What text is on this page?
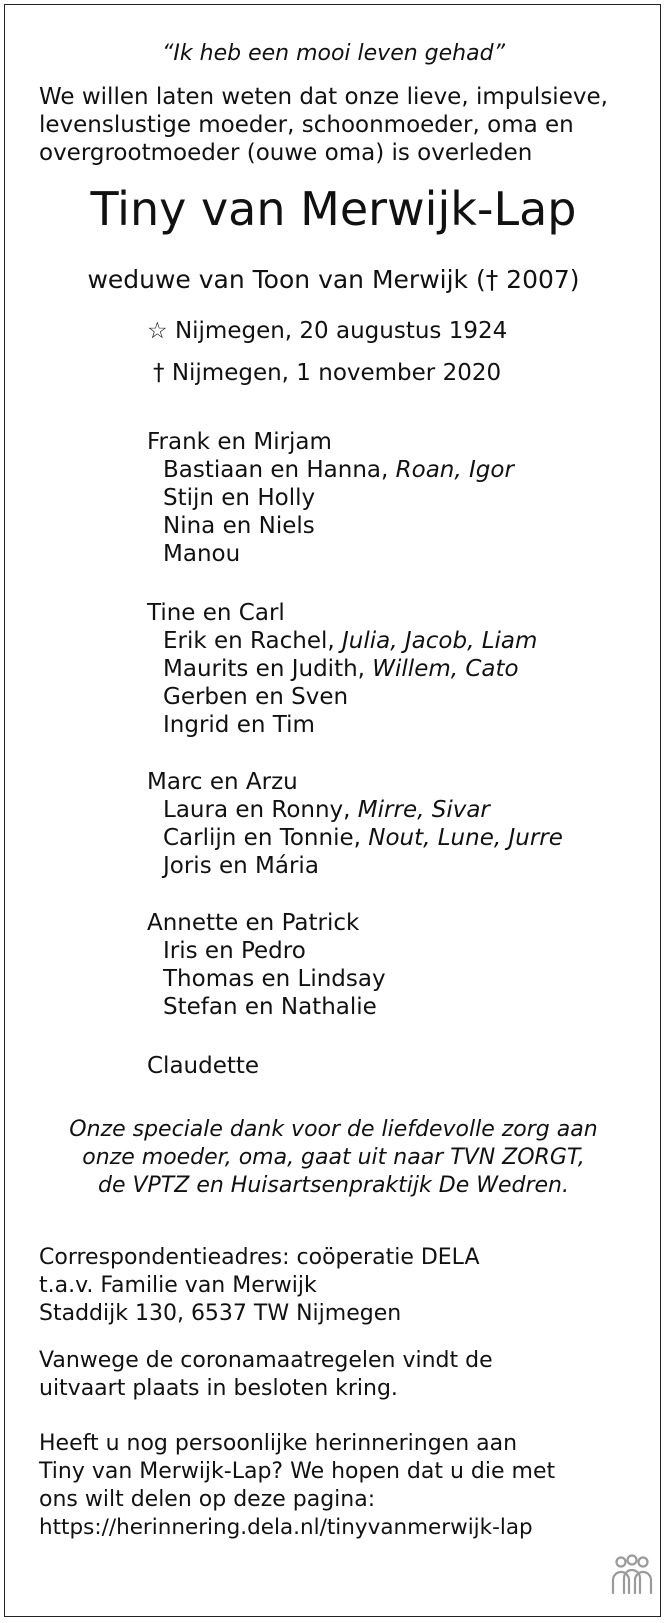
“Ik heb een mooi leven gehad”
We willen laten weten dat onze lieve, impulsieve,
levenslustige moeder, schoonmoeder, oma en
overgrootmoeder (ouwe oma) is overleden
Tiny van Merwijk-Lap
weduwe van Toon van Merwijk († 2007)
☆ Nijmegen, 20 augustus 1924
† Nijmegen, 1 november 2020
Frank en Mirjam
Bastiaan en Hanna, Roan, Igor
Stijn en Holly
Nina en Niels
Manou
Tine en Carl
Erik en Rachel, Julia, Jacob, Liam
Maurits en Judith, Willem, Cato
Gerben en Sven
Ingrid en Tim
Marc en Arzu
Laura en Ronny, Mirre, Sivar
Carlijn en Tonnie, Nout, Lune, Jurre
Joris en Mária
Annette en Patrick
Iris en Pedro
Thomas en Lindsay
Stefan en Nathalie
Claudette
Onze speciale dank voor de liefdevolle zorg aan
onze moeder, oma, gaat uit naar TVN ZORGT,
de VPTZ en Huisartsenpraktijk De Wedren.
Correspondentieadres: coöperatie DELA
t.a.v. Familie van Merwijk
Staddijk 130, 6537 TW Nijmegen
Vanwege de coronamaatregelen vindt de
uitvaart plaats in besloten kring.
Heeft u nog persoonlijke herinneringen aan
Tiny van Merwijk-Lap? We hopen dat u die met
ons wilt delen op deze pagina:
https://herinnering.dela.nl/tinyvanmerwijk-lap
